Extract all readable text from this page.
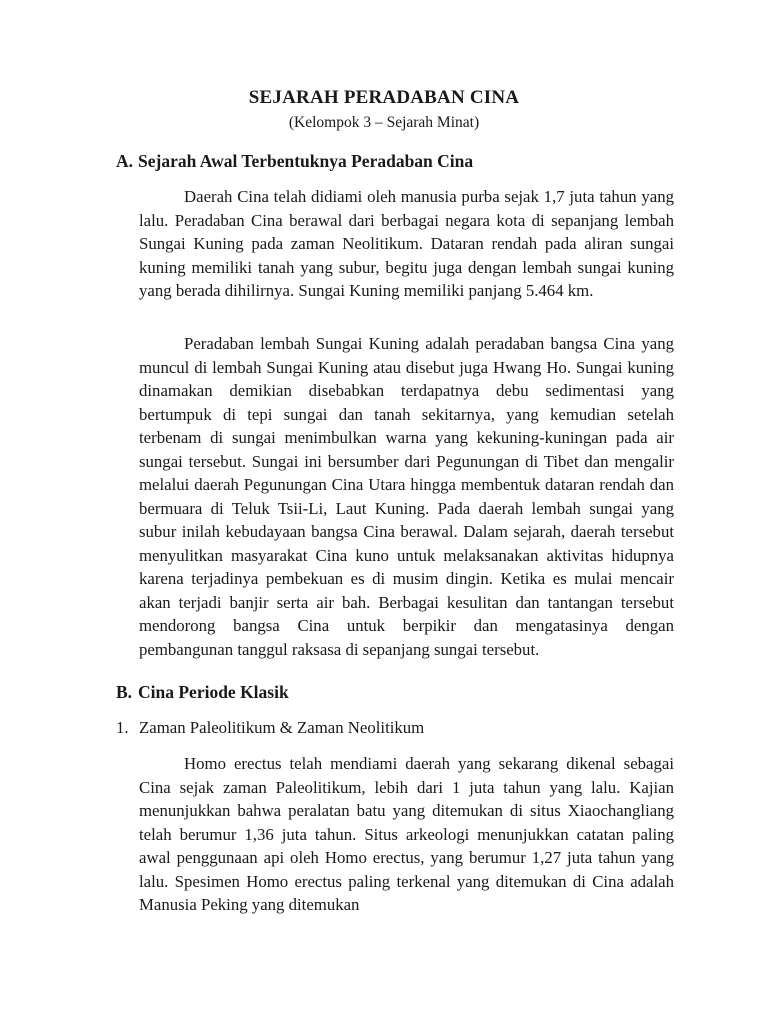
SEJARAH PERADABAN CINA
(Kelompok 3 – Sejarah Minat)
A. Sejarah Awal Terbentuknya Peradaban Cina

Daerah Cina telah didiami oleh manusia purba sejak 1,7 juta tahun yang lalu. Peradaban Cina berawal dari berbagai negara kota di sepanjang lembah Sungai Kuning pada zaman Neolitikum. Dataran rendah pada aliran sungai kuning memiliki tanah yang subur, begitu juga dengan lembah sungai kuning yang berada dihilirnya. Sungai Kuning memiliki panjang 5.464 km.

Peradaban lembah Sungai Kuning adalah peradaban bangsa Cina yang muncul di lembah Sungai Kuning atau disebut juga Hwang Ho. Sungai kuning dinamakan demikian disebabkan terdapatnya debu sedimentasi yang bertumpuk di tepi sungai dan tanah sekitarnya, yang kemudian setelah terbenam di sungai menimbulkan warna yang kekuning-kuningan pada air sungai tersebut. Sungai ini bersumber dari Pegunungan di Tibet dan mengalir melalui daerah Pegunungan Cina Utara hingga membentuk dataran rendah dan bermuara di Teluk Tsii-Li, Laut Kuning. Pada daerah lembah sungai yang subur inilah kebudayaan bangsa Cina berawal. Dalam sejarah, daerah tersebut menyulitkan masyarakat Cina kuno untuk melaksanakan aktivitas hidupnya karena terjadinya pembekuan es di musim dingin. Ketika es mulai mencair akan terjadi banjir serta air bah. Berbagai kesulitan dan tantangan tersebut mendorong bangsa Cina untuk berpikir dan mengatasinya dengan pembangunan tanggul raksasa di sepanjang sungai tersebut.

B. Cina Periode Klasik
1. Zaman Paleolitikum & Zaman Neolitikum

Homo erectus telah mendiami daerah yang sekarang dikenal sebagai Cina sejak zaman Paleolitikum, lebih dari 1 juta tahun yang lalu. Kajian menunjukkan bahwa peralatan batu yang ditemukan di situs Xiaochangliang telah berumur 1,36 juta tahun. Situs arkeologi menunjukkan catatan paling awal penggunaan api oleh Homo erectus, yang berumur 1,27 juta tahun yang lalu. Spesimen Homo erectus paling terkenal yang ditemukan di Cina adalah Manusia Peking yang ditemukan
